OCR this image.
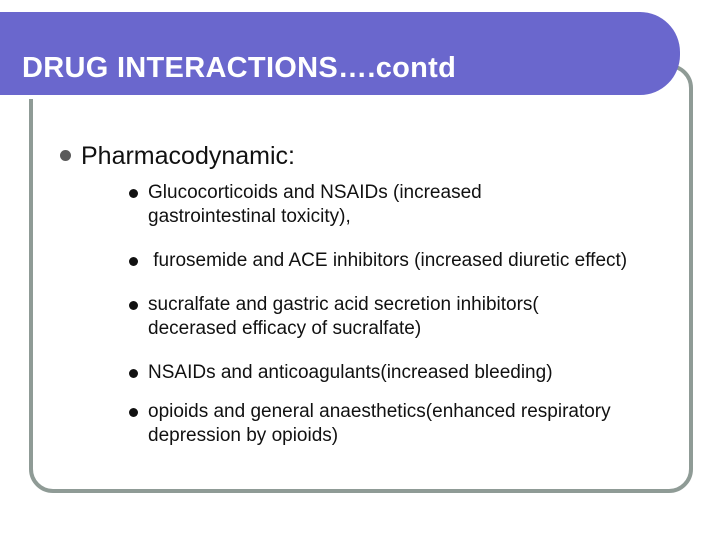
DRUG INTERACTIONS….contd
Pharmacodynamic:
Glucocorticoids and NSAIDs (increased gastrointestinal toxicity),
furosemide and ACE inhibitors (increased diuretic effect)
sucralfate and gastric acid secretion inhibitors( decerased efficacy of sucralfate)
NSAIDs and anticoagulants(increased bleeding)
opioids and general anaesthetics(enhanced respiratory depression by opioids)
